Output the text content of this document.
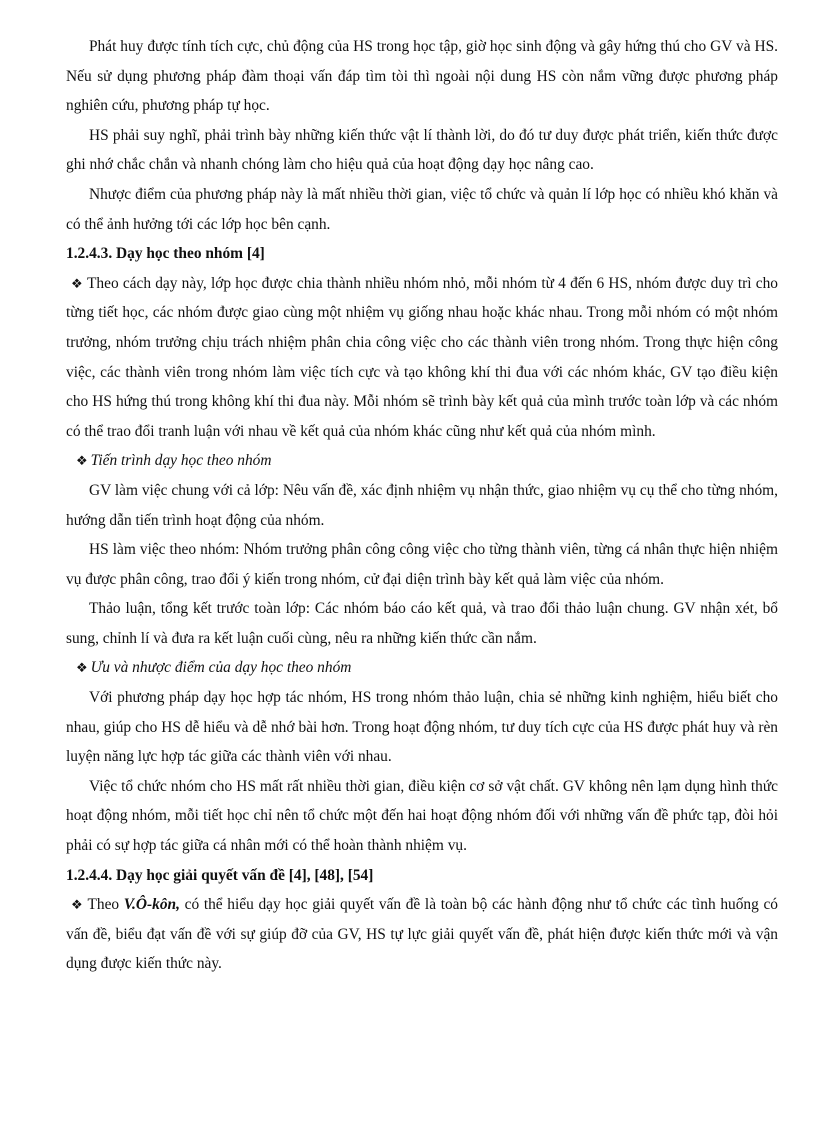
Phát huy được tính tích cực, chủ động của HS trong học tập, giờ học sinh động và gây hứng thú cho GV và HS. Nếu sử dụng phương pháp đàm thoại vấn đáp tìm tòi thì ngoài nội dung HS còn nắm vững được phương pháp nghiên cứu, phương pháp tự học.

HS phải suy nghĩ, phải trình bày những kiến thức vật lí thành lời, do đó tư duy được phát triển, kiến thức được ghi nhớ chắc chắn và nhanh chóng làm cho hiệu quả của hoạt động dạy học nâng cao.

Nhược điểm của phương pháp này là mất nhiều thời gian, việc tổ chức và quản lí lớp học có nhiều khó khăn và có thể ảnh hưởng tới các lớp học bên cạnh.

1.2.4.3. Dạy học theo nhóm [4]

❖ Theo cách dạy này, lớp học được chia thành nhiều nhóm nhỏ, mỗi nhóm từ 4 đến 6 HS, nhóm được duy trì cho từng tiết học, các nhóm được giao cùng một nhiệm vụ giống nhau hoặc khác nhau. Trong mỗi nhóm có một nhóm trưởng, nhóm trưởng chịu trách nhiệm phân chia công việc cho các thành viên trong nhóm. Trong thực hiện công việc, các thành viên trong nhóm làm việc tích cực và tạo không khí thi đua với các nhóm khác, GV tạo điều kiện cho HS hứng thú trong không khí thi đua này. Mỗi nhóm sẽ trình bày kết quả của mình trước toàn lớp và các nhóm có thể trao đổi tranh luận với nhau về kết quả của nhóm khác cũng như kết quả của nhóm mình.

❖ Tiến trình dạy học theo nhóm

GV làm việc chung với cả lớp: Nêu vấn đề, xác định nhiệm vụ nhận thức, giao nhiệm vụ cụ thể cho từng nhóm, hướng dẫn tiến trình hoạt động của nhóm.

HS làm việc theo nhóm: Nhóm trưởng phân công công việc cho từng thành viên, từng cá nhân thực hiện nhiệm vụ được phân công, trao đổi ý kiến trong nhóm, cử đại diện trình bày kết quả làm việc của nhóm.

Thảo luận, tổng kết trước toàn lớp: Các nhóm báo cáo kết quả, và trao đổi thảo luận chung. GV nhận xét, bổ sung, chỉnh lí và đưa ra kết luận cuối cùng, nêu ra những kiến thức cần nắm.

❖ Ưu và nhược điểm của dạy học theo nhóm

Với phương pháp dạy học hợp tác nhóm, HS trong nhóm thảo luận, chia sẻ những kinh nghiệm, hiểu biết cho nhau, giúp cho HS dễ hiểu và dễ nhớ bài hơn. Trong hoạt động nhóm, tư duy tích cực của HS được phát huy và rèn luyện năng lực hợp tác giữa các thành viên với nhau.

Việc tổ chức nhóm cho HS mất rất nhiều thời gian, điều kiện cơ sở vật chất. GV không nên lạm dụng hình thức hoạt động nhóm, mỗi tiết học chỉ nên tổ chức một đến hai hoạt động nhóm đối với những vấn đề phức tạp, đòi hỏi phải có sự hợp tác giữa cá nhân mới có thể hoàn thành nhiệm vụ.

1.2.4.4. Dạy học giải quyết vấn đề [4], [48], [54]

❖ Theo V.Ô-kôn, có thể hiểu dạy học giải quyết vấn đề là toàn bộ các hành động như tổ chức các tình huống có vấn đề, biểu đạt vấn đề với sự giúp đỡ của GV, HS tự lực giải quyết vấn đề, phát hiện được kiến thức mới và vận dụng được kiến thức này.
